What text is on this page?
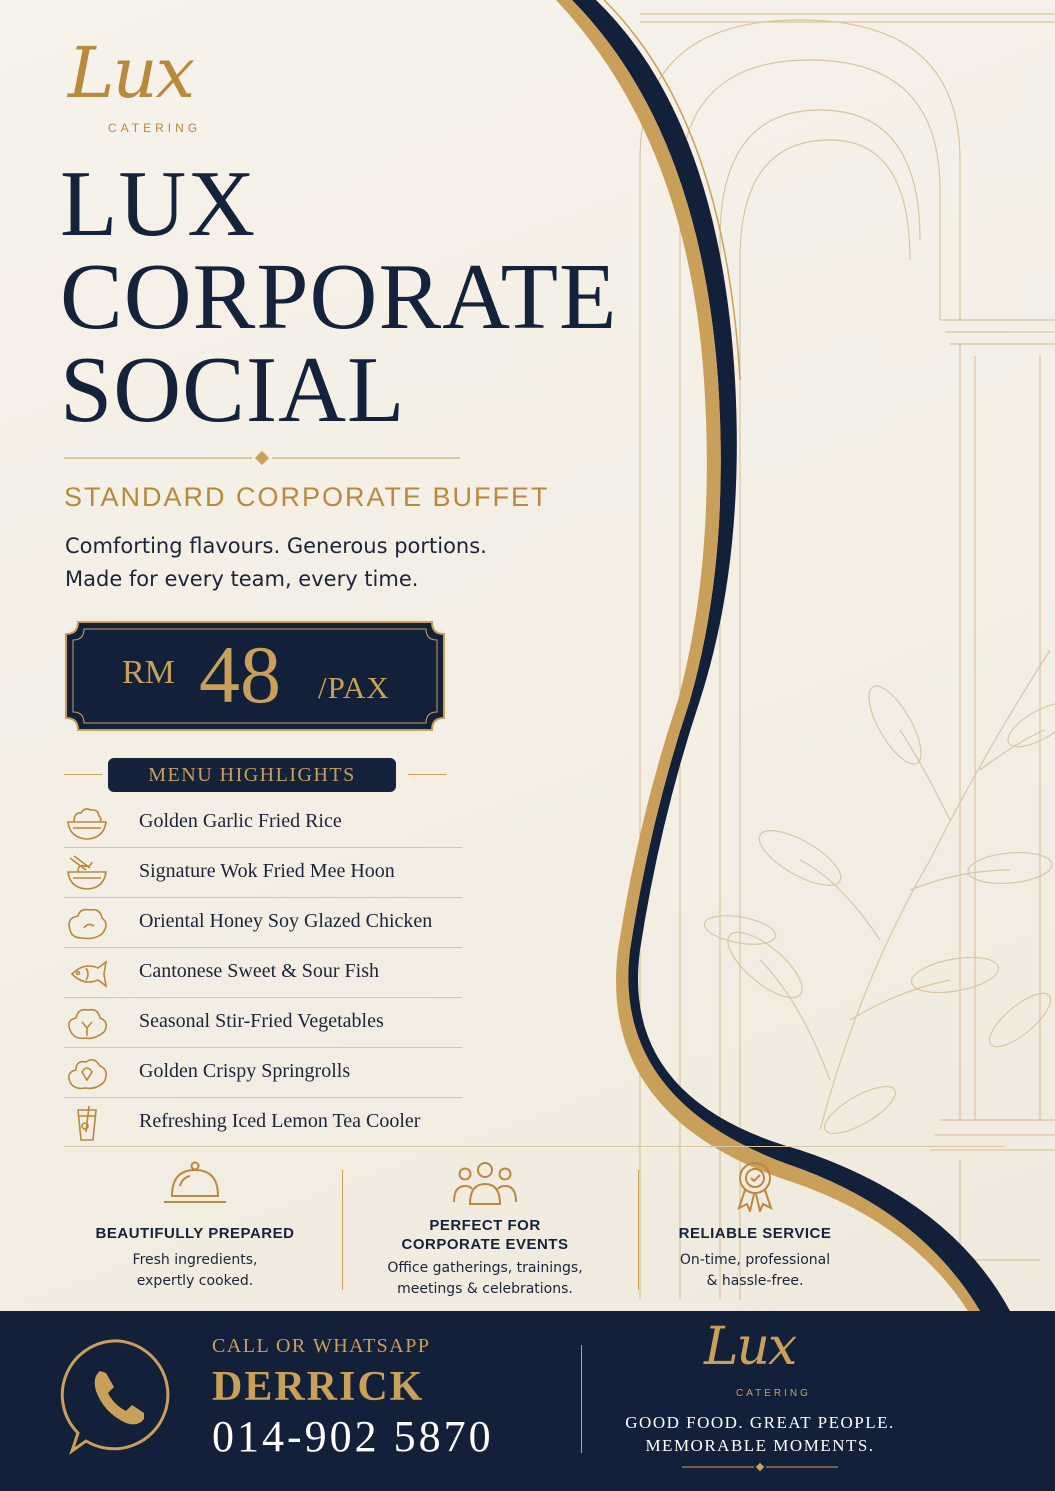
Lux
CATERING
LUX
CORPORATE
SOCIAL
STANDARD CORPORATE BUFFET
Comforting flavours. Generous portions.
Made for every team, every time.
RM 48 /PAX
MENU HIGHLIGHTS
Golden Garlic Fried Rice
Signature Wok Fried Mee Hoon
Oriental Honey Soy Glazed Chicken
Cantonese Sweet & Sour Fish
Seasonal Stir-Fried Vegetables
Golden Crispy Springrolls
Refreshing Iced Lemon Tea Cooler
BEAUTIFULLY PREPARED
Fresh ingredients,
expertly cooked.
PERFECT FOR
CORPORATE EVENTS
Office gatherings, trainings,
meetings & celebrations.
RELIABLE SERVICE
On-time, professional
& hassle-free.
CALL OR WHATSAPP
DERRICK
014-902 5870
Lux
CATERING
GOOD FOOD. GREAT PEOPLE.
MEMORABLE MOMENTS.
